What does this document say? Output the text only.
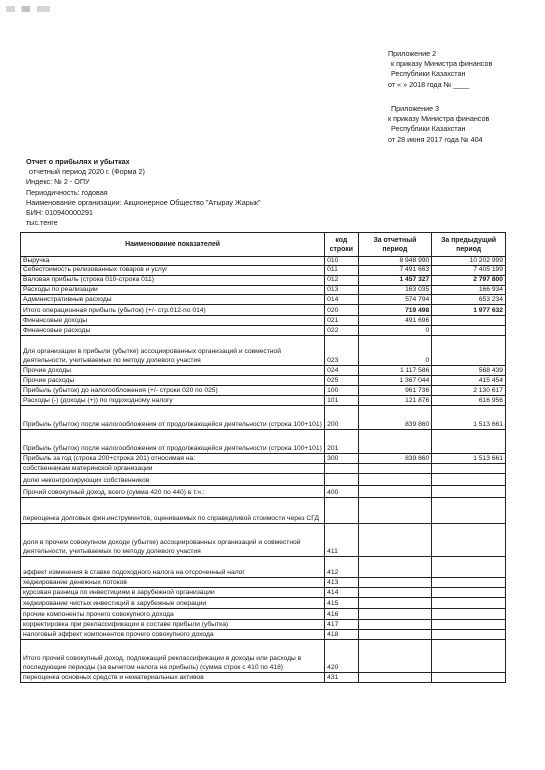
Приложение 2
к приказу Министра финансов
Республики Казахстан
от « » 2018 года № ____
Приложение 3
к приказу Министра финансов
Республики Казахстан
от 28 июня 2017 года № 404
Отчет о прибылях и убытках
отчетный период 2020 г. (Форма 2)
Индекс: № 2 - ОПУ
Периодичность: годовая
Наименование организации: Акционерное Общество "Атырау Жарык"
БИН: 010940000291
тыс.тенге
Наименование показателей	код строки	За отчетный период	За предыдущий период
Выручка	010	8 948 990	10 202 999
Себестоимость релизованных товаров и услуг	011	7 491 663	7 405 199
Валовая прибыль (строка 010-строка 011)	012	1 457 327	2 797 800
Расходы по реализации	013	163 035	166 934
Административные расходы	014	574 794	653 234
Итого операционная прибыль (убыток) (+/- стр.012-по 014)	020	719 498	1 977 632
Финансовые доходы	021	491 696	
Финансовые расходы	022	0	
Для организации в прибыли (убытке) ассоциированных организаций и совместной деятельности, учитываемых по методу долевого участия	023	0	
Прочие доходы	024	1 117 586	568 439
Прочие расходы	025	1 367 044	415 454
Прибыль (убыток) до налогообложения (+/- строки 020 по 025)	100	961 736	2 130 617
Расходы (-) (доходы (+)) по подоходному налогу	101	121 876	616 956
Прибыль (убыток) после налогообложения от продолжающейся деятельности (строка 100+101)	200	839 860	1 513 661
Прибыль (убыток) после налогообложения от продолжающейся деятельности (строка 100+101)	201		
Прибыль за год (строка 200+строка 201) относимая на:	300	839 860	1 513 661
собственникам материнской организации			
долю неконтролирующих собственников			
Прочий совокупный доход, всего (сумма 420 по 440) в т.ч.:	400		
переоценка долговых фин.инструментов, оцениваемых по справедливой стоимости через СГД			
доля в прочем совокупном доходе (убытке) ассоциированных организаций и совместной деятельности, учитываемых по методу долевого участия	411		
эффект изменения в ставке подоходного налога на отсроченный налог	412		
хеджирование денежных потоков	413		
курсовая разница по инвестициям в зарубежной организации	414		
хеджирование чистых инвестиций в зарубежные операции	415		
прочие компоненты прочего совокупного дохода	416		
корректировка при реклассификации в составе прибыли (убытка)	417		
налоговый эффект компонентов прочего совокупного дохода	418		
Итого прочий совокупный доход, подлежащий реклассификации в доходы или расходы в последующие периоды (за вычетом налога на прибыль) (сумма строк с 410 по 418)	420		
переоценка основных средств и нематериальных активов	431		
